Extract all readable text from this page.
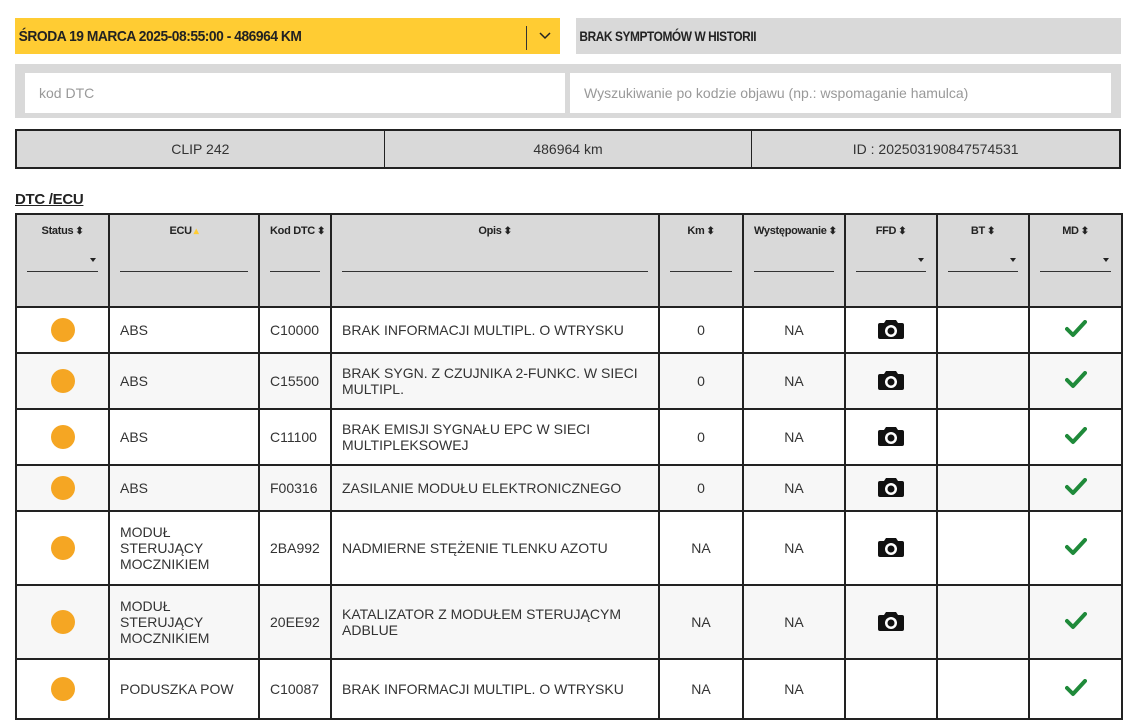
ŚRODA 19 MARCA 2025-08:55:00 - 486964 KM	BRAK SYMPTOMÓW W HISTORII
kod DTC
Wyszukiwanie po kodzie objawu (np.: wspomaganie hamulca)
CLIP 242	486964 km	ID : 202503190847574531
DTC /ECU
Status ⬍	ECU ▴	Kod DTC ⬍	Opis ⬍	Km ⬍	Występowanie ⬍	FFD ⬍	BT ⬍	MD ⬍

	ABS	C10000	BRAK INFORMACJI MULTIPL. O WTRYSKU	0	NA			
	ABS	C15500	BRAK SYGN. Z CZUJNIKA 2-FUNKC. W SIECI MULTIPL.	0	NA			
	ABS	C11100	BRAK EMISJI SYGNAŁU EPC W SIECI MULTIPLEKSOWEJ	0	NA			
	ABS	F00316	ZASILANIE MODUŁU ELEKTRONICZNEGO	0	NA			
	MODUŁ STERUJĄCY MOCZNIKIEM	2BA992	NADMIERNE STĘŻENIE TLENKU AZOTU	NA	NA			
	MODUŁ STERUJĄCY MOCZNIKIEM	20EE92	KATALIZATOR Z MODUŁEM STERUJĄCYM ADBLUE	NA	NA			
	PODUSZKA POW	C10087	BRAK INFORMACJI MULTIPL. O WTRYSKU	NA	NA			
